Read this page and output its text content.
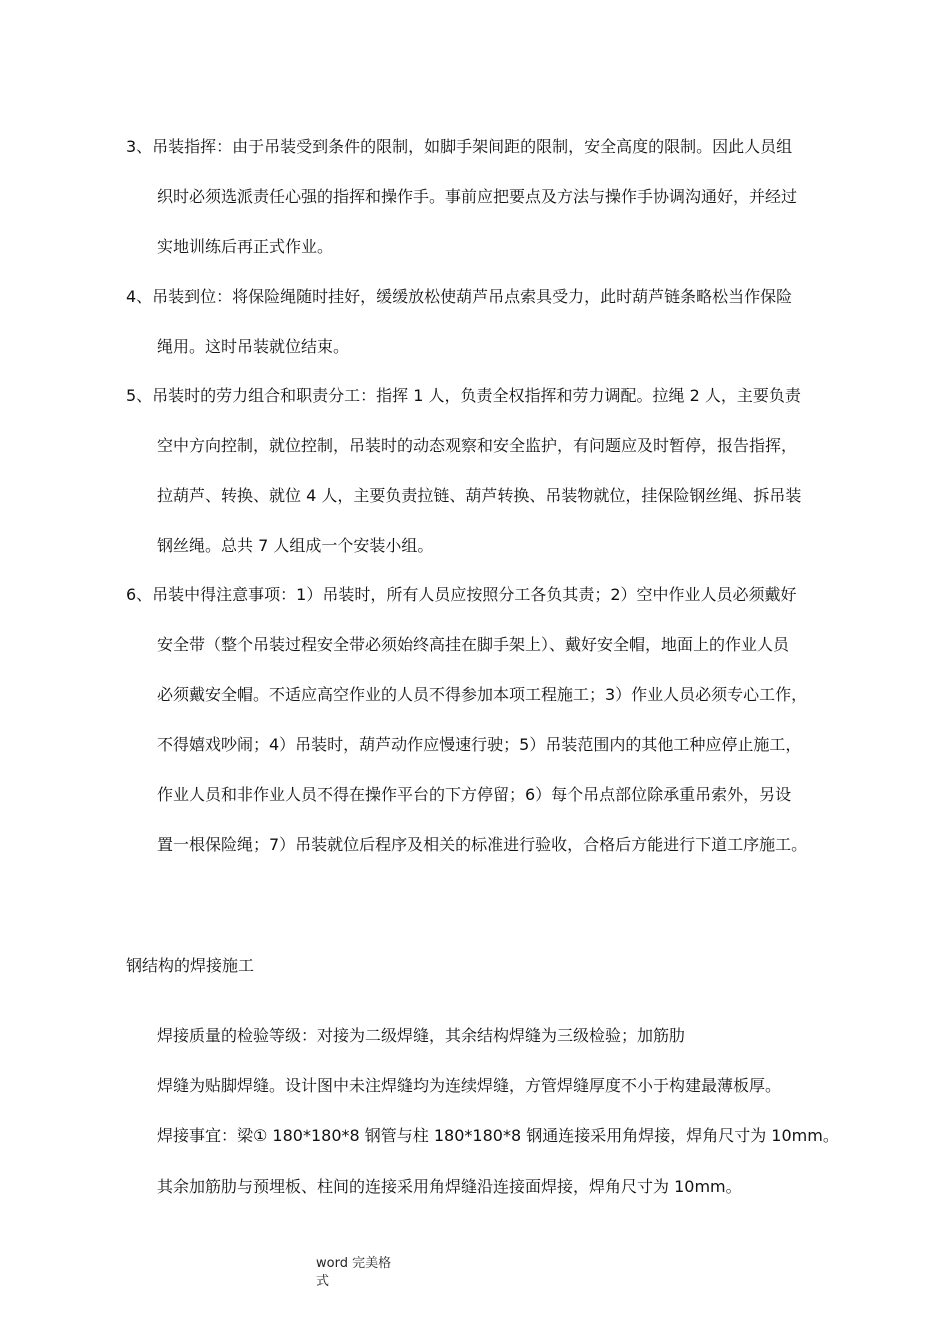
3、吊装指挥：由于吊装受到条件的限制，如脚手架间距的限制，安全高度的限制。因此人员组

织时必须选派责任心强的指挥和操作手。事前应把要点及方法与操作手协调沟通好，并经过

实地训练后再正式作业。

4、吊装到位：将保险绳随时挂好，缓缓放松使葫芦吊点索具受力，此时葫芦链条略松当作保险

绳用。这时吊装就位结束。

5、吊装时的劳力组合和职责分工：指挥 1 人，负责全权指挥和劳力调配。拉绳 2 人，主要负责

空中方向控制，就位控制，吊装时的动态观察和安全监护，有问题应及时暂停，报告指挥，

拉葫芦、转换、就位 4 人，主要负责拉链、葫芦转换、吊装物就位，挂保险钢丝绳、拆吊装

钢丝绳。总共 7 人组成一个安装小组。

6、吊装中得注意事项：1）吊装时，所有人员应按照分工各负其责；2）空中作业人员必须戴好

安全带（整个吊装过程安全带必须始终高挂在脚手架上）、戴好安全帽，地面上的作业人员

必须戴安全帽。不适应高空作业的人员不得参加本项工程施工；3）作业人员必须专心工作，

不得嬉戏吵闹；4）吊装时，葫芦动作应慢速行驶；5）吊装范围内的其他工种应停止施工，

作业人员和非作业人员不得在操作平台的下方停留；6）每个吊点部位除承重吊索外，另设

置一根保险绳；7）吊装就位后程序及相关的标准进行验收，合格后方能进行下道工序施工。

钢结构的焊接施工

焊接质量的检验等级：对接为二级焊缝，其余结构焊缝为三级检验；加筋肋

焊缝为贴脚焊缝。设计图中未注焊缝均为连续焊缝，方管焊缝厚度不小于构建最薄板厚。

焊接事宜：梁① 180*180*8 钢管与柱 180*180*8 钢通连接采用角焊接，焊角尺寸为 10mm。

其余加筋肋与预埋板、柱间的连接采用角焊缝沿连接面焊接，焊角尺寸为 10mm。

word 完美格
式
